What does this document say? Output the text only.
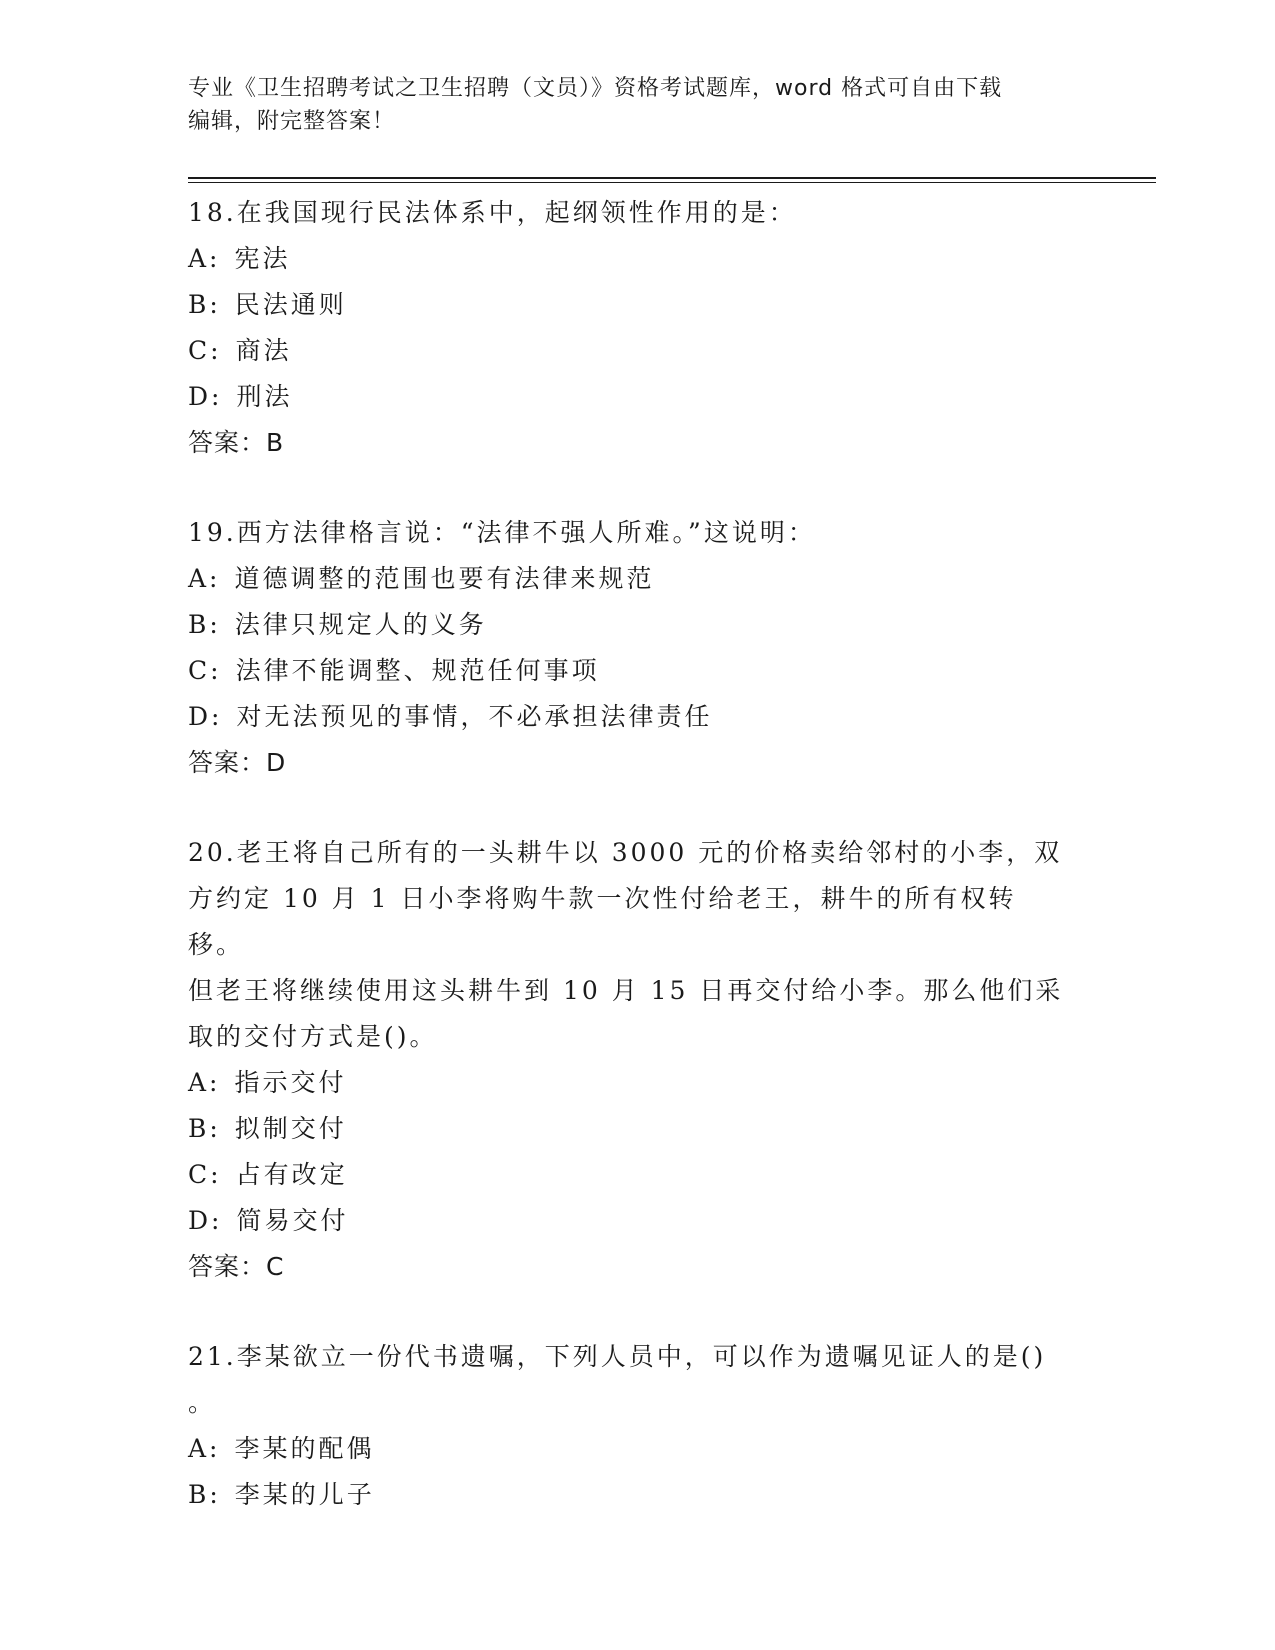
专业《卫生招聘考试之卫生招聘（文员）》资格考试题库，word 格式可自由下载
编辑，附完整答案！

18.在我国现行民法体系中，起纲领性作用的是：

A: 宪法

B: 民法通则

C: 商法

D: 刑法

答案：B

19.西方法律格言说：“法律不强人所难。”这说明：

A: 道德调整的范围也要有法律来规范

B: 法律只规定人的义务

C: 法律不能调整、规范任何事项

D: 对无法预见的事情，不必承担法律责任

答案：D

20.老王将自己所有的一头耕牛以 3000 元的价格卖给邻村的小李，双

方约定 10 月 1 日小李将购牛款一次性付给老王，耕牛的所有权转移。

但老王将继续使用这头耕牛到 10 月 15 日再交付给小李。那么他们采

取的交付方式是()。

A: 指示交付

B: 拟制交付

C: 占有改定

D: 简易交付

答案：C

21.李某欲立一份代书遗嘱，下列人员中，可以作为遗嘱见证人的是()

。

A: 李某的配偶

B: 李某的儿子
